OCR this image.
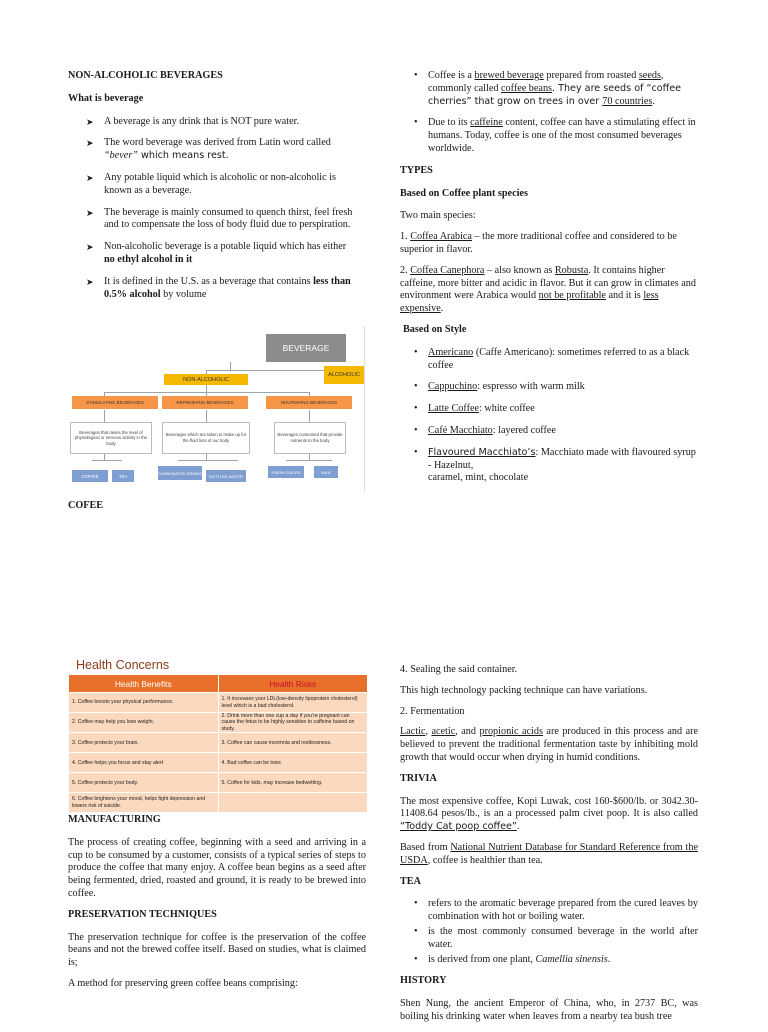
NON-ALCOHOLIC BEVERAGES
What is beverage
➤ A beverage is any drink that is NOT pure water.
➤ The word beverage was derived from Latin word called
“bever” which means rest.
➤ Any potable liquid which is alcoholic or non-alcoholic is known as a beverage.
➤ The beverage is mainly consumed to quench thirst, feel fresh and to compensate the loss of body fluid due to perspiration.
➤ Non-alcoholic beverage is a potable liquid which has either
no ethyl alcohol in it
➤ It is defined in the U.S. as a beverage that contains less than 0.5% alcohol by volume
BEVERAGE
NON-ALCOHOLIC
ALCOHOLIC
STIMULATING BEVERAGES	REFRESHING BEVERAGES	NOURISHING BEVERAGES
Beverages that raises the level of physiological or nervous activity in the body
Beverages which are taken to make up for the fluid loss of our body
Beverages consumed that provide nutrients to the body
COFFEE	TEA
CARBONATED DRINKS
BOTTLED WATER
FRESH JUICES	MILK
COFEE
• Coffee is a brewed beverage prepared from roasted seeds, commonly called coffee beans. They are seeds of “coffee cherries” that grow on trees in over 70 countries.
• Due to its caffeine content, coffee can have a stimulating effect in humans. Today, coffee is one of the most consumed beverages worldwide.
TYPES
Based on Coffee plant species

Two main species:

1. Coffea Arabica – the more traditional coffee and considered to be superior in flavor.

2. Coffea Canephora – also known as Robusta. It contains higher caffeine, more bitter and acidic in flavor. But it can grow in climates and environment were Arabica would not be profitable and it is less expensive.

Based on Style
• Americano (Caffe Americano): sometimes referred to as a black coffee
• Cappuchino: espresso with warm milk
• Latte Coffee: white coffee
• Café Macchiato: layered coffee
• Flavoured Macchiato’s: Macchiato made with flavoured syrup - Hazelnut,
caramel, mint, chocolate
Health Concerns
Health Benefits	Health Risks
1. Coffee boosts your physical performance.	1. It increases your LDL(low-density lipoprotein cholesterol) level which is a bad cholesterol.
2. Coffee may help you lose weight.	2. Drink more than one cup a day if you’re pregnant can cause the fetus to be highly sensitive to caffeine based on study.
3. Coffee protects your brain.	3. Coffee can cause insomnia and restlessness.
4. Coffee helps you focus and stay alert	4. Bad coffee can be toxic
5. Coffee protects your body.	5. Coffee for kids, may increase bedwetting.
6. Coffee brightens your mood, helps fight depression and lowers risk of suicide.	
MANUFACTURING

The process of creating coffee, beginning with a seed and arriving in a cup to be consumed by a customer, consists of a typical series of steps to produce the coffee that many enjoy. A coffee bean begins as a seed after being fermented, dried, roasted and ground, it is ready to be brewed into coffee.

PRESERVATION TECHNIQUES

The preservation technique for coffee is the preservation of the coffee beans and not the brewed coffee itself. Based on studies, what is claimed is;

A method for preserving green coffee beans comprising:

4. Sealing the said container.

This high technology packing technique can have variations.

2. Fermentation

Lactic, acetic, and propionic acids are produced in this process and are believed to prevent the traditional fermentation taste by inhibiting mold growth that would occur when drying in humid conditions.

TRIVIA

The most expensive coffee, Kopi Luwak, cost 160-$600/lb. or 3042.30-11408.64 pesos/lb., is an a processed palm civet poop. It is also called “Toddy Cat poop coffee”.

Based from National Nutrient Database for Standard Reference from the USDA, coffee is healthier than tea.

TEA
• refers to the aromatic beverage prepared from the cured leaves by combination with hot or boiling water.
• is the most commonly consumed beverage in the world after water.
• is derived from one plant, Camellia sinensis.
HISTORY

Shen Nung, the ancient Emperor of China, who, in 2737 BC, was boiling his drinking water when leaves from a nearby tea bush tree
